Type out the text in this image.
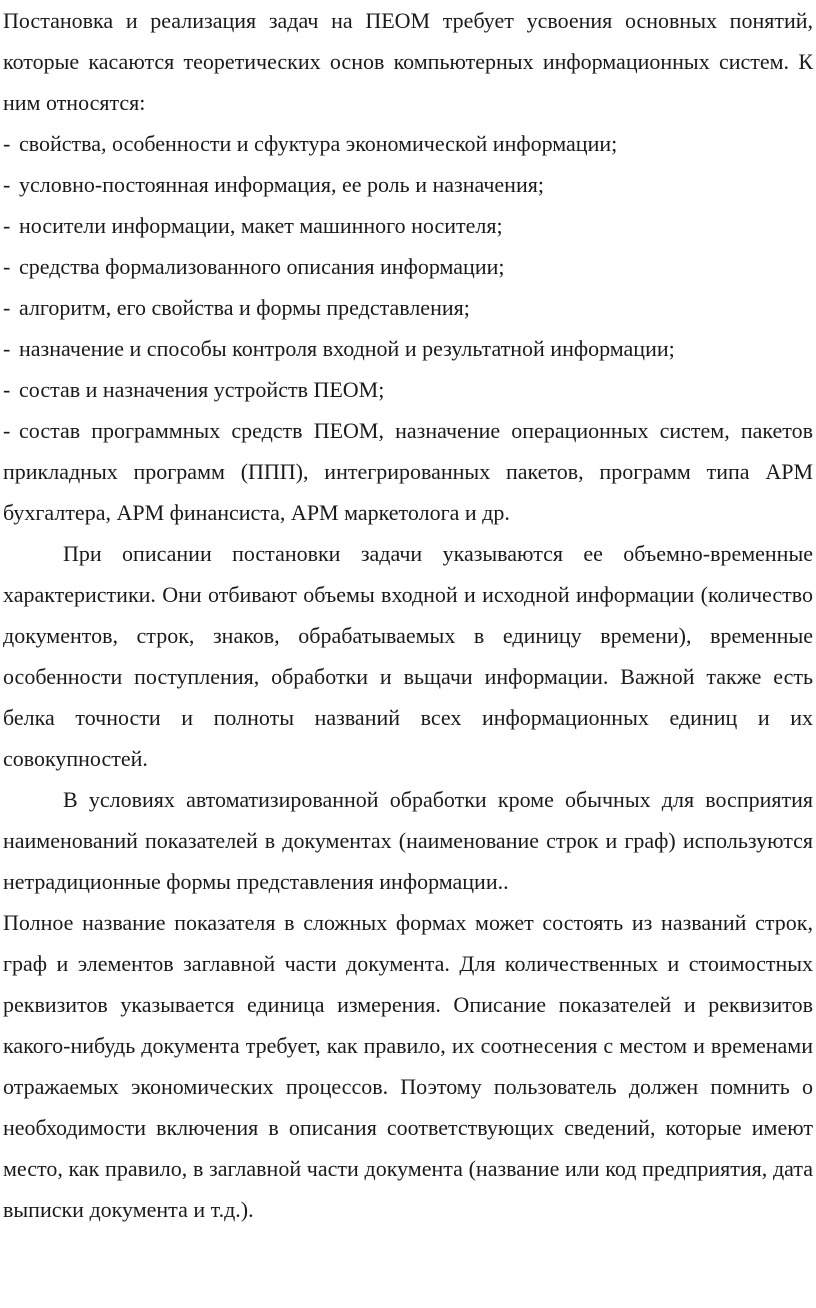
Постановка и реализация задач на ПЕОМ требует усвоения основных понятий, которые касаются теоретических основ компьютерных информационных систем. К ним относятся:

- свойства, особенности и сфуктура экономической информации;
- условно-постоянная информация, ее роль и назначения;
- носители информации, макет машинного носителя;
- средства формализованного описания информации;
- алгоритм, его свойства и формы представления;
- назначение и способы контроля входной и результатной информации;
- состав и назначения устройств ПЕОМ;
- состав программных средств ПЕОМ, назначение операционных систем, пакетов прикладных программ (ППП), интегрированных пакетов, программ типа АРМ бухгалтера, АРМ финансиста, АРМ маркетолога и др.

При описании постановки задачи указываются ее объемно-временные характеристики. Они отбивают объемы входной и исходной информации (количество документов, строк, знаков, обрабатываемых в единицу времени), временные особенности поступления, обработки и вьщачи информации. Важной также есть белка точности и полноты названий всех информационных единиц и их совокупностей.

В условиях автоматизированной обработки кроме обычных для восприятия наименований показателей в документах (наименование строк и граф) используются нетрадиционные формы представления информации..

Полное название показателя в сложных формах может состоять из названий строк, граф и элементов заглавной части документа. Для количественных и стоимостных реквизитов указывается единица измерения. Описание показателей и реквизитов какого-нибудь документа требует, как правило, их соотнесения с местом и временами отражаемых экономических процессов. Поэтому пользователь должен помнить о необходимости включения в описания соответствующих сведений, которые имеют место, как правило, в заглавной части документа (название или код предприятия, дата выписки документа и т.д.).
